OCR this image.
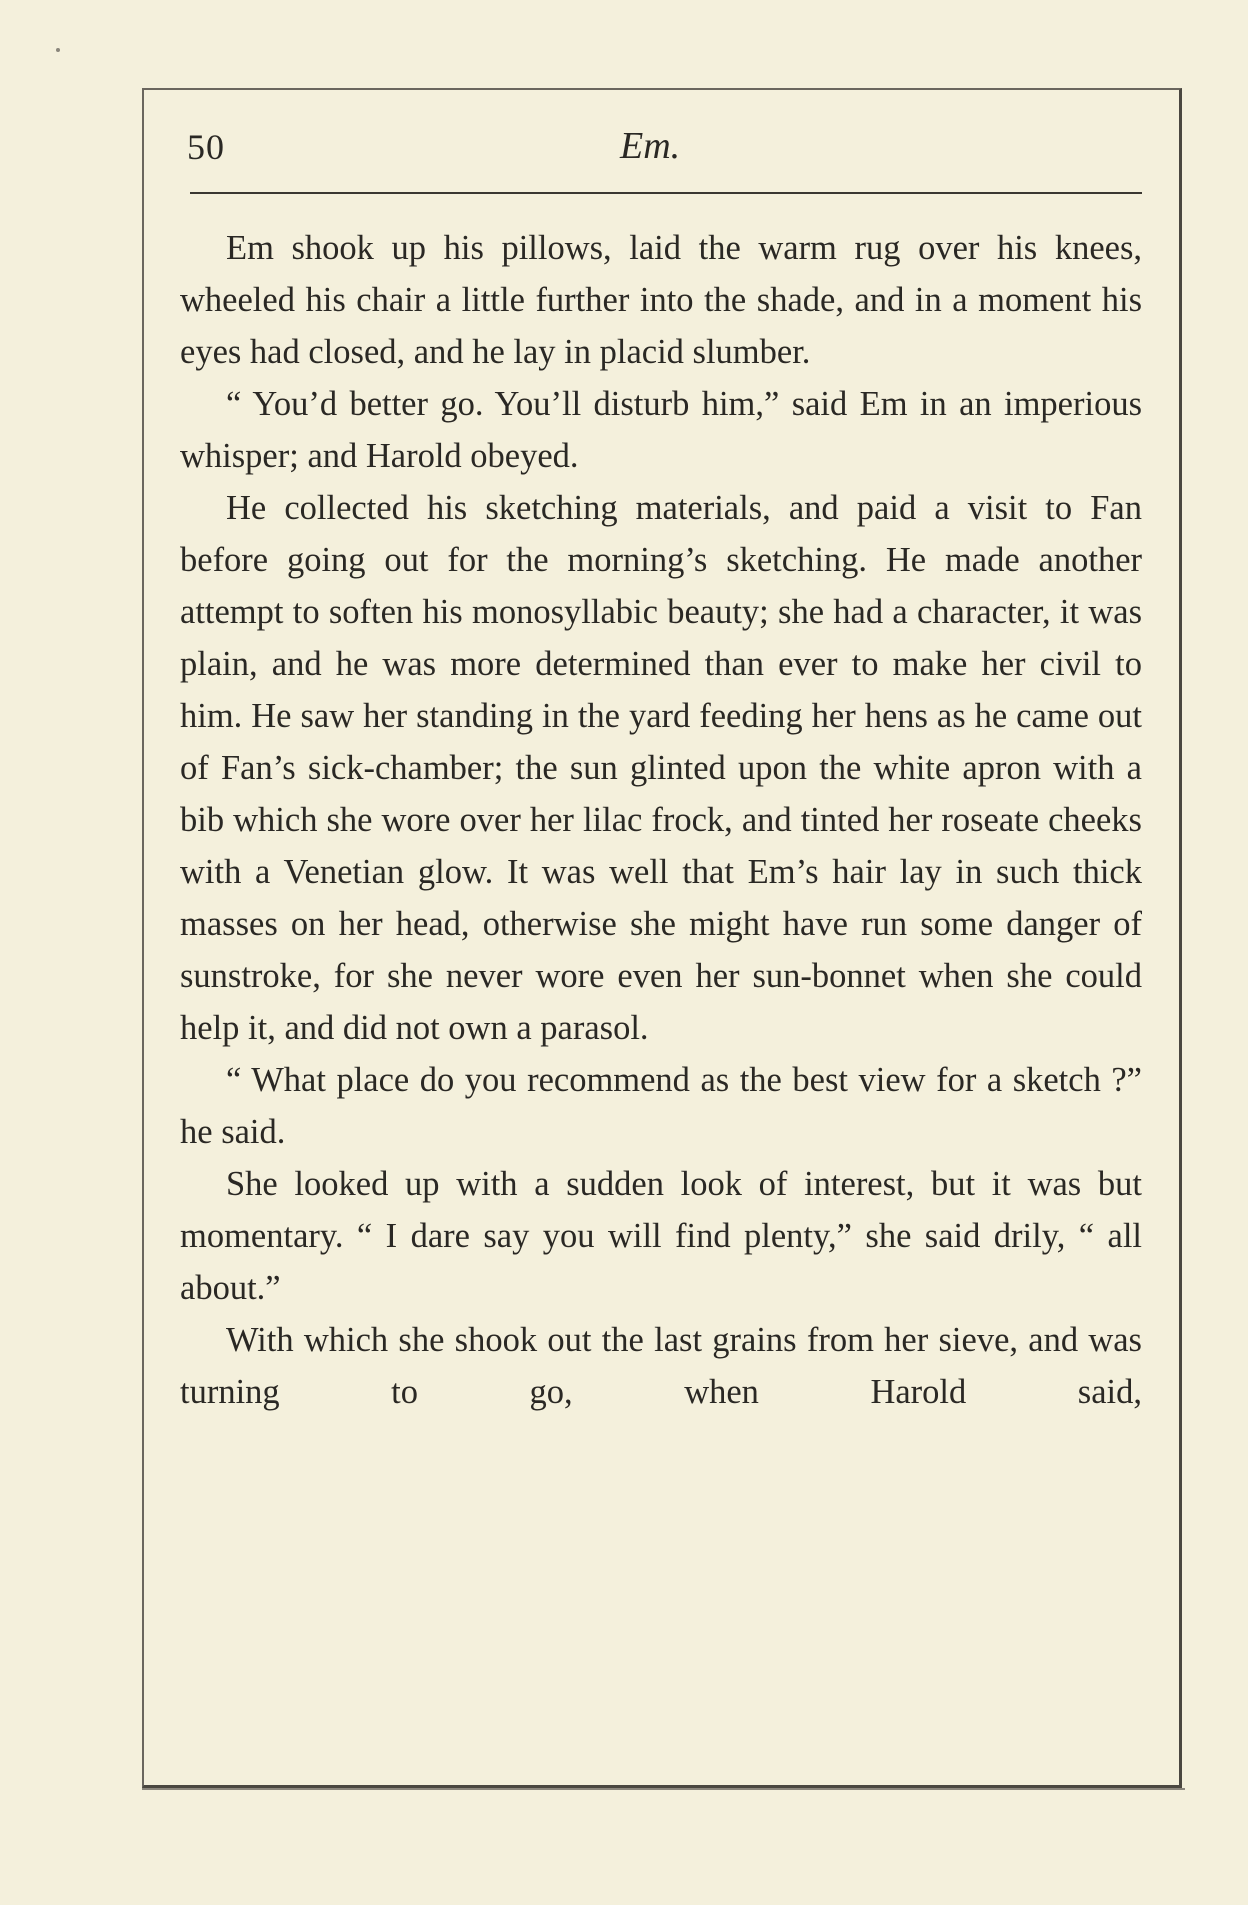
50	Em.

Em shook up his pillows, laid the warm rug over his knees, wheeled his chair a little further into the shade, and in a moment his eyes had closed, and he lay in placid slumber.

“ You’d better go. You’ll disturb him,” said Em in an imperious whisper; and Harold obeyed.

He collected his sketching materials, and paid a visit to Fan before going out for the morning’s sketching. He made another attempt to soften his monosyllabic beauty; she had a character, it was plain, and he was more determined than ever to make her civil to him. He saw her standing in the yard feeding her hens as he came out of Fan’s sick-chamber; the sun glinted upon the white apron with a bib which she wore over her lilac frock, and tinted her roseate cheeks with a Venetian glow. It was well that Em’s hair lay in such thick masses on her head, otherwise she might have run some danger of sunstroke, for she never wore even her sun-bonnet when she could help it, and did not own a parasol.

“ What place do you recommend as the best view for a sketch ?” he said.

She looked up with a sudden look of interest, but it was but momentary. “ I dare say you will find plenty,” she said drily, “ all about.”

With which she shook out the last grains from her sieve, and was turning to go, when Harold said,
